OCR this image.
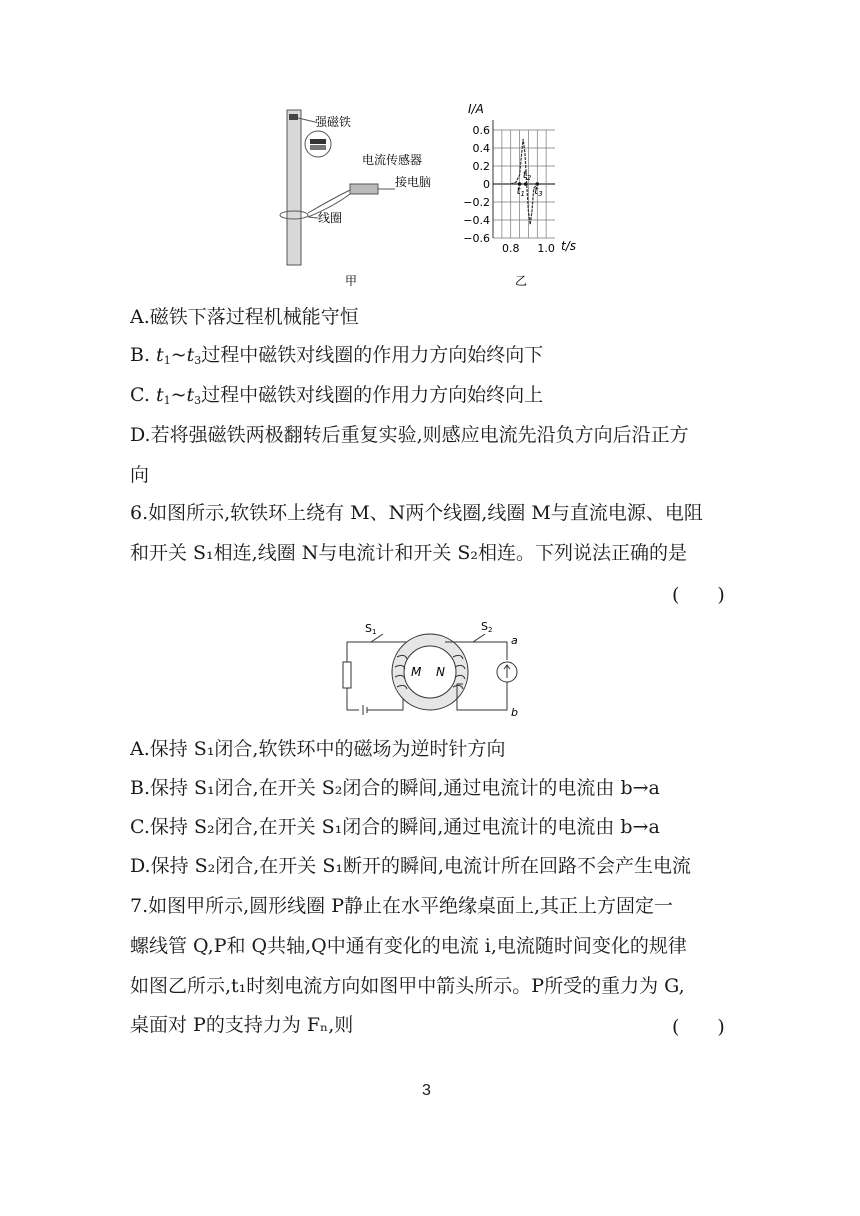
强磁铁
电流传感器
接电脑
线圈
甲
0.6
0.4
0.2
0
−0.2
−0.4
−0.6
0.8 1.0
I/A
t/s
$t_1$
$t_2$
$t_3$
乙
A.磁铁下落过程机械能守恒
B. $t_1\sim t_3$过程中磁铁对线圈的作用力方向始终向下
C. $t_1\sim t_3$过程中磁铁对线圈的作用力方向始终向上
D.若将强磁铁两极翻转后重复实验,则感应电流先沿负方向后沿正方
向
6.如图所示,软铁环上绕有 M、N两个线圈,线圈 M与直流电源、电阻
和开关 S₁相连,线圈 N与电流计和开关 S₂相连。下列说法正确的是
(　　)
S1
M N
S2
a
b
A.保持 S₁闭合,软铁环中的磁场为逆时针方向
B.保持 S₁闭合,在开关 S₂闭合的瞬间,通过电流计的电流由 b→a
C.保持 S₂闭合,在开关 S₁闭合的瞬间,通过电流计的电流由 b→a
D.保持 S₂闭合,在开关 S₁断开的瞬间,电流计所在回路不会产生电流
7.如图甲所示,圆形线圈 P静止在水平绝缘桌面上,其正上方固定一
螺线管 Q,P和 Q共轴,Q中通有变化的电流 i,电流随时间变化的规律
如图乙所示,t₁时刻电流方向如图甲中箭头所示。P所受的重力为 G,
桌面对 P的支持力为 Fₙ,则	(　　)
3
